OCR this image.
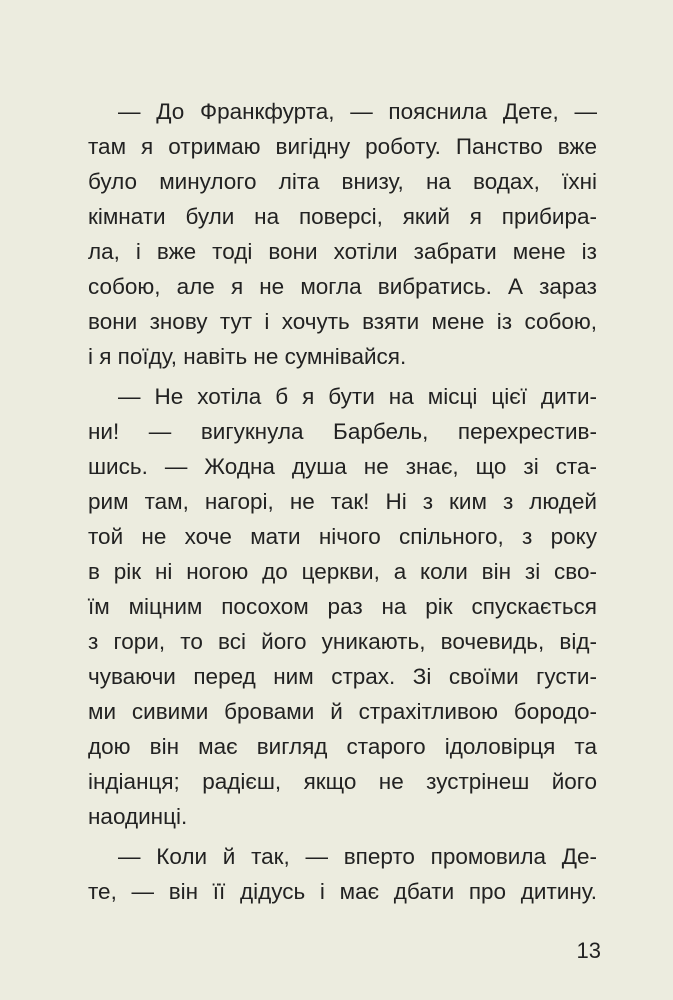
— До Франкфурта, — пояснила Дете, —
там я отримаю вигідну роботу. Панство вже
було минулого літа внизу, на водах, їхні
кімнати були на поверсі, який я прибира-
ла, і вже тоді вони хотіли забрати мене із
собою, але я не могла вибратись. А зараз
вони знову тут і хочуть взяти мене із собою,
і я поїду, навіть не сумнівайся.
— Не хотіла б я бути на місці цієї дити-
ни! — вигукнула Барбель, перехрестив-
шись. — Жодна душа не знає, що зі ста-
рим там, нагорі, не так! Ні з ким з людей
той не хоче мати нічого спільного, з року
в рік ні ногою до церкви, а коли він зі сво-
їм міцним посохом раз на рік спускається
з гори, то всі його уникають, вочевидь, від-
чуваючи перед ним страх. Зі своїми густи-
ми сивими бровами й страхітливою бородо-
дою він має вигляд старого ідоловірця та
індіанця; радієш, якщо не зустрінеш його
наодинці.
— Коли й так, — вперто промовила Де-
те, — він її дідусь і має дбати про дитину.
13
